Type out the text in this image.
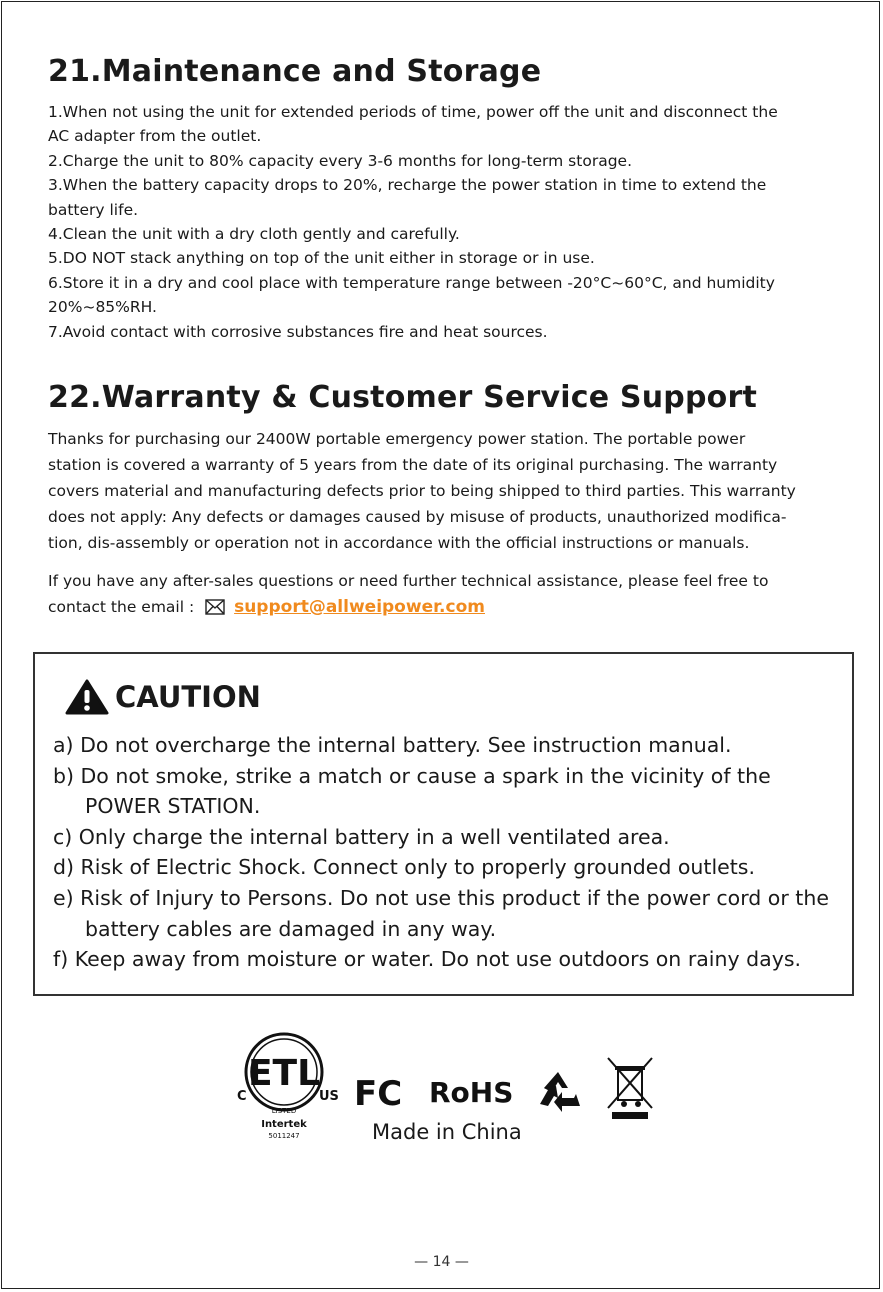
21.Maintenance and Storage
1.When not using the unit for extended periods of time, power off the unit and disconnect the
AC adapter from the outlet.
2.Charge the unit to 80% capacity every 3-6 months for long-term storage.
3.When the battery capacity drops to 20%, recharge the power station in time to extend the
battery life.
4.Clean the unit with a dry cloth gently and carefully.
5.DO NOT stack anything on top of the unit either in storage or in use.
6.Store it in a dry and cool place with temperature range between -20°C~60°C, and humidity
20%~85%RH.
7.Avoid contact with corrosive substances fire and heat sources.
22.Warranty & Customer Service Support
Thanks for purchasing our 2400W portable emergency power station. The portable power
station is covered a warranty of 5 years from the date of its original purchasing. The warranty
covers material and manufacturing defects prior to being shipped to third parties. This warranty
does not apply: Any defects or damages caused by misuse of products, unauthorized modifica-
tion, dis-assembly or operation not in accordance with the official instructions or manuals.
If you have any after-sales questions or need further technical assistance, please feel free to
contact the email : support@allweipower.com
CAUTION
a) Do not overcharge the internal battery. See instruction manual.
b) Do not smoke, strike a match or cause a spark in the vicinity of the
POWER STATION.
c) Only charge the internal battery in a well ventilated area.
d) Risk of Electric Shock. Connect only to properly grounded outlets.
e) Risk of Injury to Persons. Do not use this product if the power cord or the
battery cables are damaged in any way.
f) Keep away from moisture or water. Do not use outdoors on rainy days.
ETL
C	US
LISTED
Intertek
5011247
FC RoHS
Made in China
— 14 —
